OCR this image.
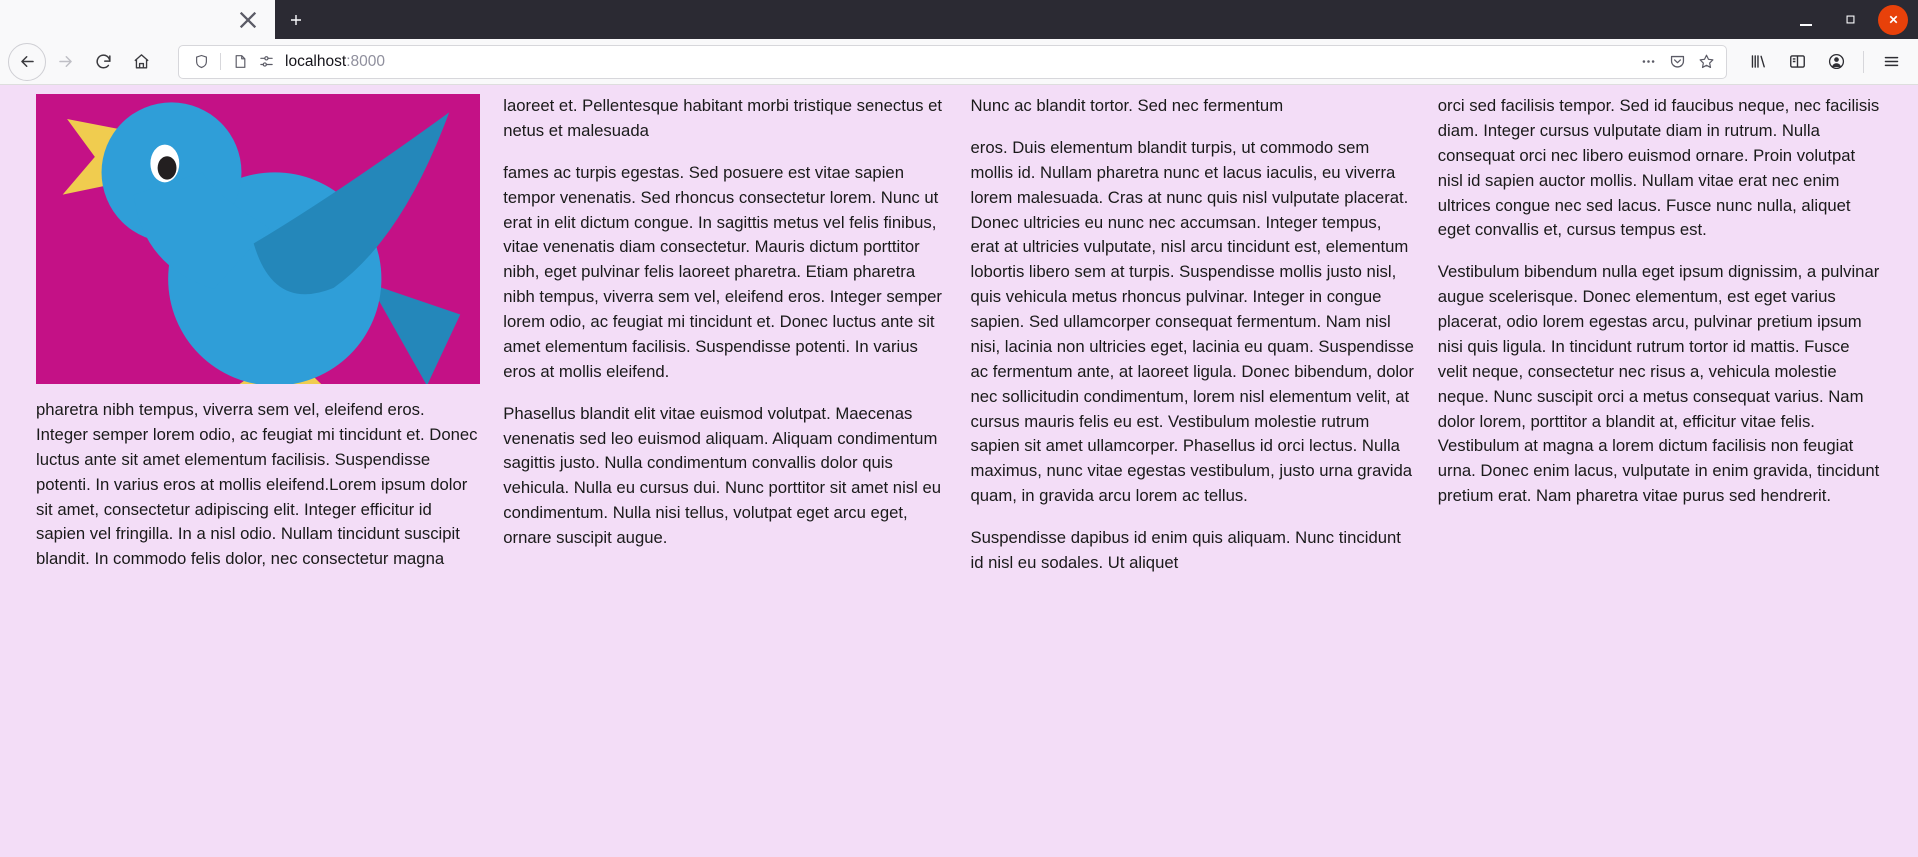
localhost:8000

pharetra nibh tempus, viverra sem vel, eleifend eros. Integer semper lorem odio, ac feugiat mi tincidunt et. Donec luctus ante sit amet elementum facilisis. Suspendisse potenti. In varius eros at mollis eleifend.Lorem ipsum dolor sit amet, consectetur adipiscing elit. Integer efficitur id sapien vel fringilla. In a nisl odio. Nullam tincidunt suscipit blandit. In commodo felis dolor, nec consectetur magna laoreet et. Pellentesque habitant morbi tristique senectus et netus et malesuada

fames ac turpis egestas. Sed posuere est vitae sapien tempor venenatis. Sed rhoncus consectetur lorem. Nunc ut erat in elit dictum congue. In sagittis metus vel felis finibus, vitae venenatis diam consectetur. Mauris dictum porttitor nibh, eget pulvinar felis laoreet pharetra. Etiam pharetra nibh tempus, viverra sem vel, eleifend eros. Integer semper lorem odio, ac feugiat mi tincidunt et. Donec luctus ante sit amet elementum facilisis. Suspendisse potenti. In varius eros at mollis eleifend.

Phasellus blandit elit vitae euismod volutpat. Maecenas venenatis sed leo euismod aliquam. Aliquam condimentum sagittis justo. Nulla condimentum convallis dolor quis vehicula. Nulla eu cursus dui. Nunc porttitor sit amet nisl eu condimentum. Nulla nisi tellus, volutpat eget arcu eget, ornare suscipit augue.

Nunc ac blandit tortor. Sed nec fermentum

eros. Duis elementum blandit turpis, ut commodo sem mollis id. Nullam pharetra nunc et lacus iaculis, eu viverra lorem malesuada. Cras at nunc quis nisl vulputate placerat. Donec ultricies eu nunc nec accumsan. Integer tempus, erat at ultricies vulputate, nisl arcu tincidunt est, elementum lobortis libero sem at turpis. Suspendisse mollis justo nisl, quis vehicula metus rhoncus pulvinar. Integer in congue sapien. Sed ullamcorper consequat fermentum. Nam nisl nisi, lacinia non ultricies eget, lacinia eu quam. Suspendisse ac fermentum ante, at laoreet ligula. Donec bibendum, dolor nec sollicitudin condimentum, lorem nisl elementum velit, at cursus mauris felis eu est. Vestibulum molestie rutrum sapien sit amet ullamcorper. Phasellus id orci lectus. Nulla maximus, nunc vitae egestas vestibulum, justo urna gravida quam, in gravida arcu lorem ac tellus.

Suspendisse dapibus id enim quis aliquam. Nunc tincidunt id nisl eu sodales. Ut aliquet

orci sed facilisis tempor. Sed id faucibus neque, nec facilisis diam. Integer cursus vulputate diam in rutrum. Nulla consequat orci nec libero euismod ornare. Proin volutpat nisl id sapien auctor mollis. Nullam vitae erat nec enim ultrices congue nec sed lacus. Fusce nunc nulla, aliquet eget convallis et, cursus tempus est.

Vestibulum bibendum nulla eget ipsum dignissim, a pulvinar augue scelerisque. Donec elementum, est eget varius placerat, odio lorem egestas arcu, pulvinar pretium ipsum nisi quis ligula. In tincidunt rutrum tortor id mattis. Fusce velit neque, consectetur nec risus a, vehicula molestie neque. Nunc suscipit orci a metus consequat varius. Nam dolor lorem, porttitor a blandit at, efficitur vitae felis. Vestibulum at magna a lorem dictum facilisis non feugiat urna. Donec enim lacus, vulputate in enim gravida, tincidunt pretium erat. Nam pharetra vitae purus sed hendrerit.
